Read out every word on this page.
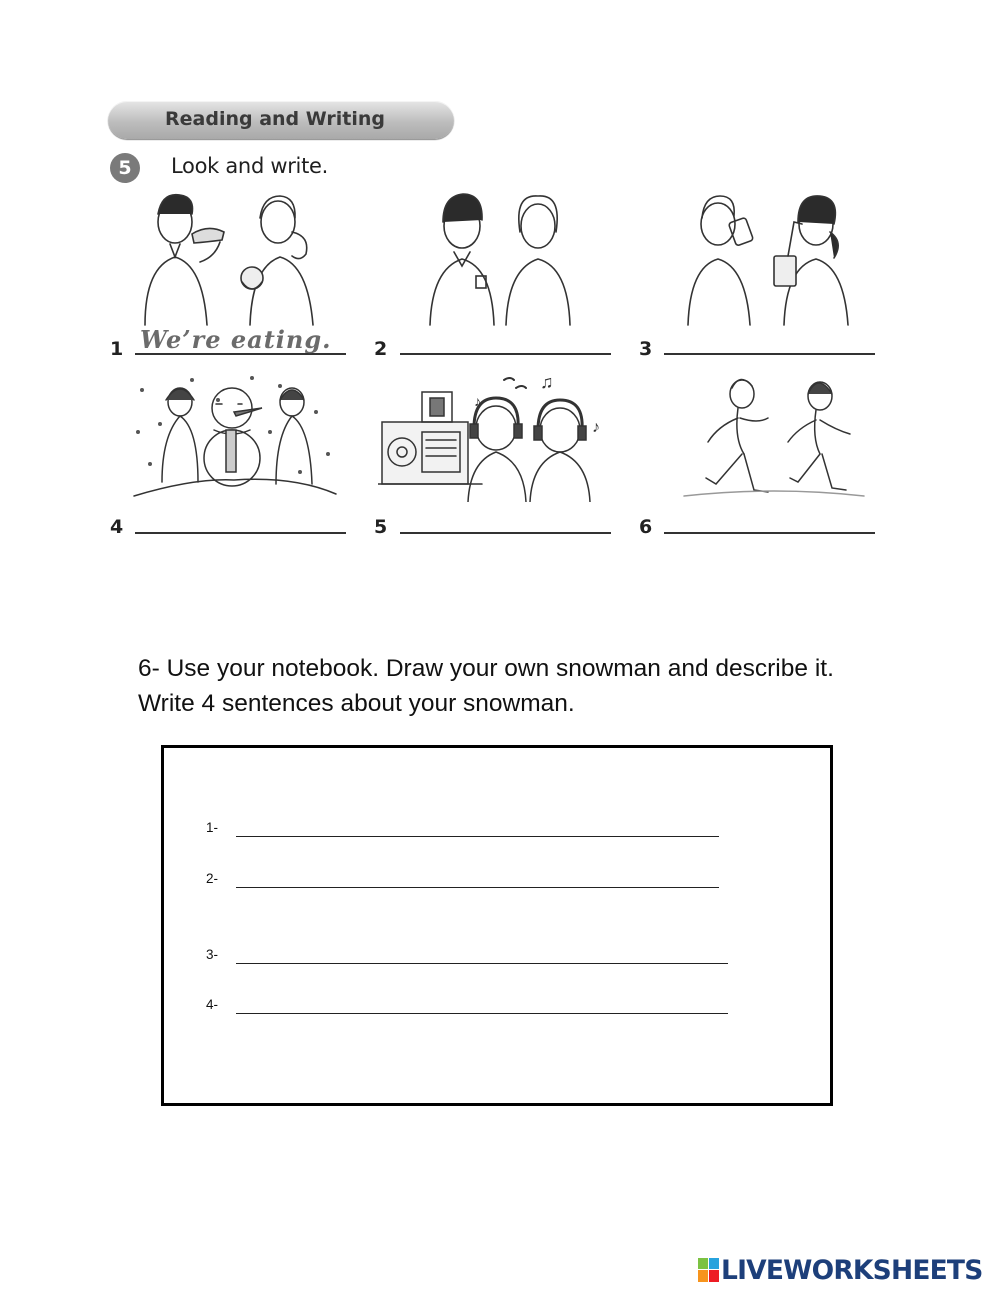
Reading and Writing
5	Look and write.
♫
♪
♪
1 We’re eating. 2	3
4	5	6
6- Use your notebook. Draw your own snowman and describe it. Write 4 sentences about your snowman.
1-
2-
3-
4-
LIVEWORKSHEETS
